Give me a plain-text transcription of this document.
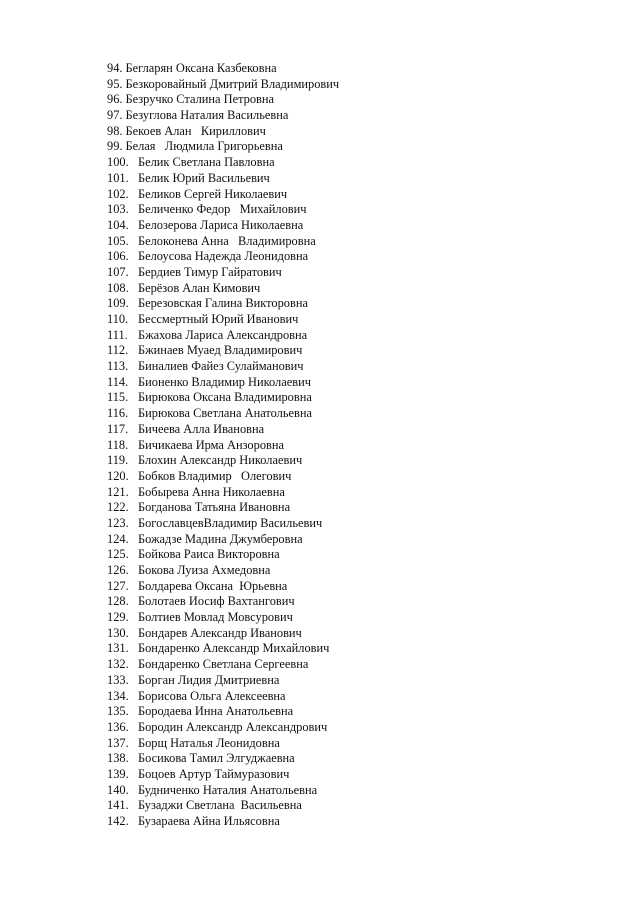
94. Бегларян Оксана Казбековна
95. Безкоровайный Дмитрий Владимирович
96. Безручко Сталина Петровна
97. Безуглова Наталия Васильевна
98. Бекоев Алан   Кириллович
99. Белая   Людмила Григорьевна
100. Белик Светлана Павловна
101. Белик Юрий Васильевич
102. Беликов Сергей Николаевич
103. Беличенко Федор   Михайлович
104. Белозерова Лариса Николаевна
105. Белоконева Анна   Владимировна
106. Белоусова Надежда Леонидовна
107. Бердиев Тимур Гайратович
108. Берёзов Алан Кимович
109. Березовская Галина Викторовна
110. Бессмертный Юрий Иванович
111. Бжахова Лариса Александровна
112. Бжинаев Муаед Владимирович
113. Биналиев Файез Сулайманович
114. Бионенко Владимир Николаевич
115. Бирюкова Оксана Владимировна
116. Бирюкова Светлана Анатольевна
117. Бичеева Алла Ивановна
118. Бичикаева Ирма Анзоровна
119. Блохин Александр Николаевич
120. Бобков Владимир   Олегович
121. Бобырева Анна Николаевна
122. Богданова Татьяна Ивановна
123. БогославцевВладимир Васильевич
124. Божадзе Мадина Джумберовна
125. Бойкова Раиса Викторовна
126. Бокова Луиза Ахмедовна
127. Болдарева Оксана  Юрьевна
128. Болотаев Иосиф Вахтангович
129. Болтиев Мовлад Мовсурович
130. Бондарев Александр Иванович
131. Бондаренко Александр Михайлович
132. Бондаренко Светлана Сергеевна
133. Борган Лидия Дмитриевна
134. Борисова Ольга Алексеевна
135. Бородаева Инна Анатольевна
136. Бородин Александр Александрович
137. Борщ Наталья Леонидовна
138. Босикова Тамил Элгуджаевна
139. Боцоев Артур Таймуразович
140. Будниченко Наталия Анатольевна
141. Бузаджи Светлана  Васильевна
142. Бузараева Айна Ильясовна
